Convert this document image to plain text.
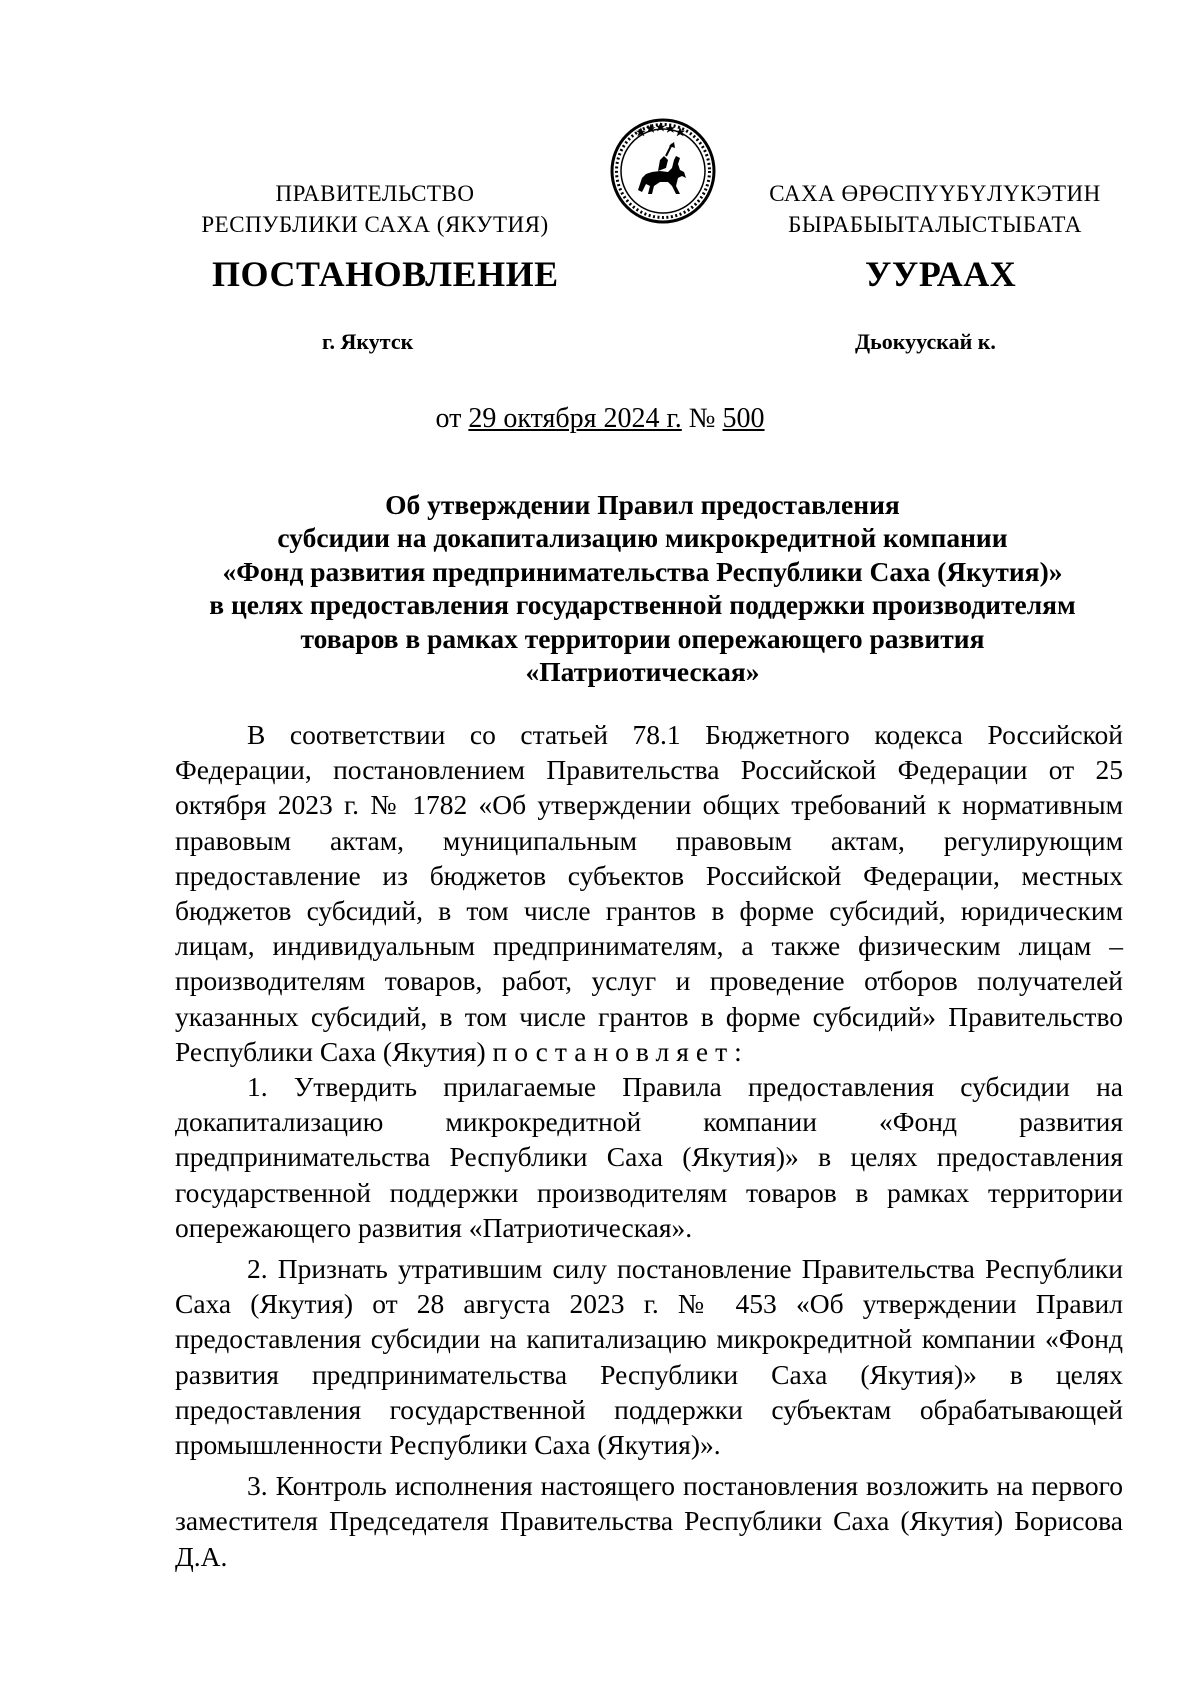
ПРАВИТЕЛЬСТВО
РЕСПУБЛИКИ САХА (ЯКУТИЯ)
САХА ӨРӨСПҮҮБҮЛҮКЭТИН
БЫРАБЫЫТАЛЫСТЫБАТА
ПОСТАНОВЛЕНИЕ	УУРААХ
г. Якутск	Дьокуускай к.
от 29 октября 2024 г. № 500
Об утверждении Правил предоставления
субсидии на докапитализацию микрокредитной компании
«Фонд развития предпринимательства Республики Саха (Якутия)»
в целях предоставления государственной поддержки производителям
товаров в рамках территории опережающего развития
«Патриотическая»

В соответствии со статьей 78.1 Бюджетного кодекса Российской Федерации, постановлением Правительства Российской Федерации от 25 октября 2023 г. № 1782 «Об утверждении общих требований к нормативным правовым актам, муниципальным правовым актам, регулирующим предоставление из бюджетов субъектов Российской Федерации, местных бюджетов субсидий, в том числе грантов в форме субсидий, юридическим лицам, индивидуальным предпринимателям, а также физическим лицам – производителям товаров, работ, услуг и проведение отборов получателей указанных субсидий, в том числе грантов в форме субсидий» Правительство Республики Саха (Якутия) постановляет:

1. Утвердить прилагаемые Правила предоставления субсидии на докапитализацию микрокредитной компании «Фонд развития предпринимательства Республики Саха (Якутия)» в целях предоставления государственной поддержки производителям товаров в рамках территории опережающего развития «Патриотическая».

2. Признать утратившим силу постановление Правительства Республики Саха (Якутия) от 28 августа 2023 г. № 453 «Об утверждении Правил предоставления субсидии на капитализацию микрокредитной компании «Фонд развития предпринимательства Республики Саха (Якутия)» в целях предоставления государственной поддержки субъектам обрабатывающей промышленности Республики Саха (Якутия)».

3. Контроль исполнения настоящего постановления возложить на первого заместителя Председателя Правительства Республики Саха (Якутия) Борисова Д.А.
